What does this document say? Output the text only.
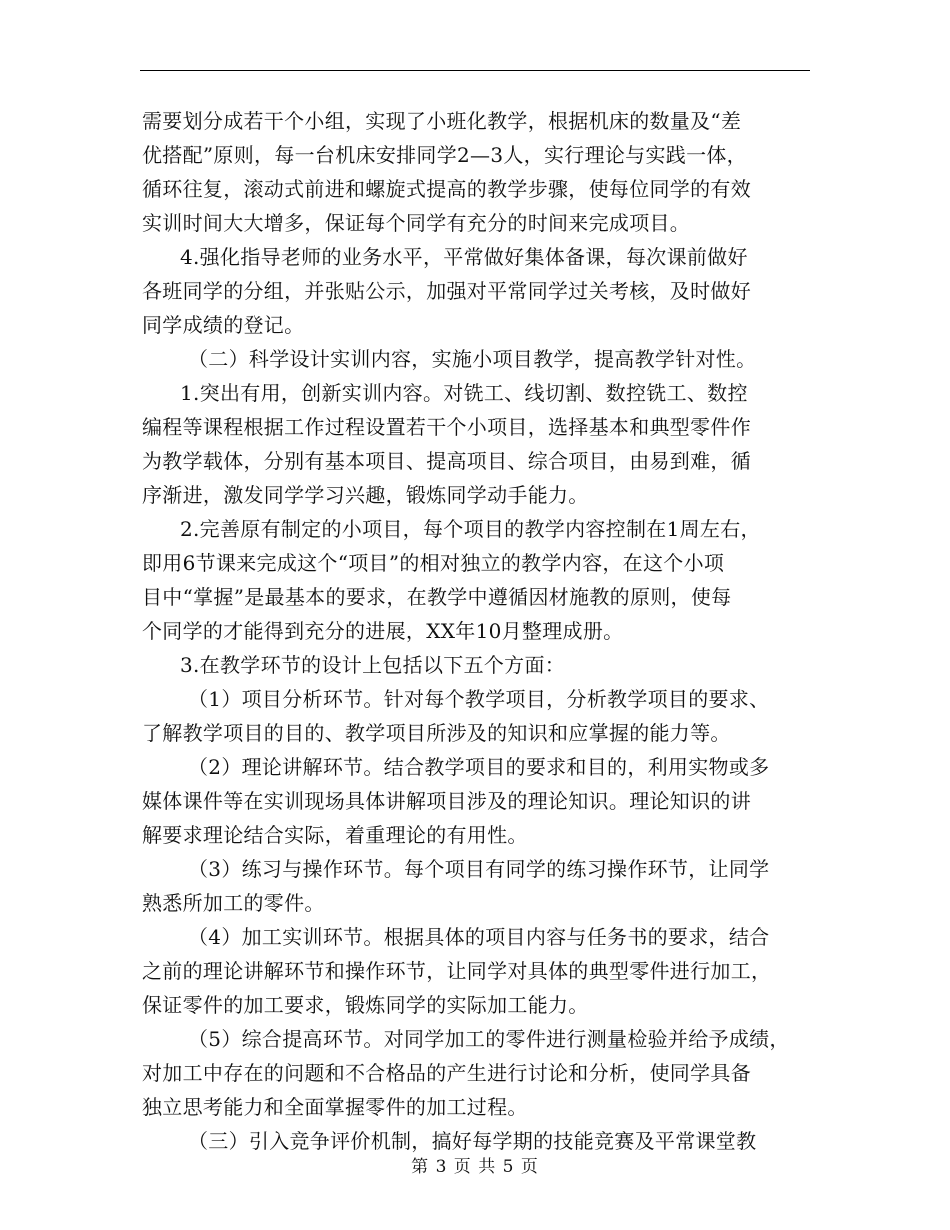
需要划分成若干个小组，实现了小班化教学，根据机床的数量及“差
优搭配”原则，每一台机床安排同学2—3人，实行理论与实践一体，
循环往复，滚动式前进和螺旋式提高的教学步骤，使每位同学的有效
实训时间大大增多，保证每个同学有充分的时间来完成项目。
4.强化指导老师的业务水平，平常做好集体备课，每次课前做好
各班同学的分组，并张贴公示，加强对平常同学过关考核，及时做好
同学成绩的登记。
（二）科学设计实训内容，实施小项目教学，提高教学针对性。
1.突出有用，创新实训内容。对铣工、线切割、数控铣工、数控
编程等课程根据工作过程设置若干个小项目，选择基本和典型零件作
为教学载体，分别有基本项目、提高项目、综合项目，由易到难，循
序渐进，激发同学学习兴趣，锻炼同学动手能力。
2.完善原有制定的小项目，每个项目的教学内容控制在1周左右，
即用6节课来完成这个“项目”的相对独立的教学内容，在这个小项
目中“掌握”是最基本的要求，在教学中遵循因材施教的原则，使每
个同学的才能得到充分的进展，XX年10月整理成册。
3.在教学环节的设计上包括以下五个方面：
（1）项目分析环节。针对每个教学项目，分析教学项目的要求、
了解教学项目的目的、教学项目所涉及的知识和应掌握的能力等。
（2）理论讲解环节。结合教学项目的要求和目的，利用实物或多
媒体课件等在实训现场具体讲解项目涉及的理论知识。理论知识的讲
解要求理论结合实际，着重理论的有用性。
（3）练习与操作环节。每个项目有同学的练习操作环节，让同学
熟悉所加工的零件。
（4）加工实训环节。根据具体的项目内容与任务书的要求，结合
之前的理论讲解环节和操作环节，让同学对具体的典型零件进行加工，
保证零件的加工要求，锻炼同学的实际加工能力。
（5）综合提高环节。对同学加工的零件进行测量检验并给予成绩，
对加工中存在的问题和不合格品的产生进行讨论和分析，使同学具备
独立思考能力和全面掌握零件的加工过程。
（三）引入竞争评价机制，搞好每学期的技能竞赛及平常课堂教
第 3 页 共 5 页
